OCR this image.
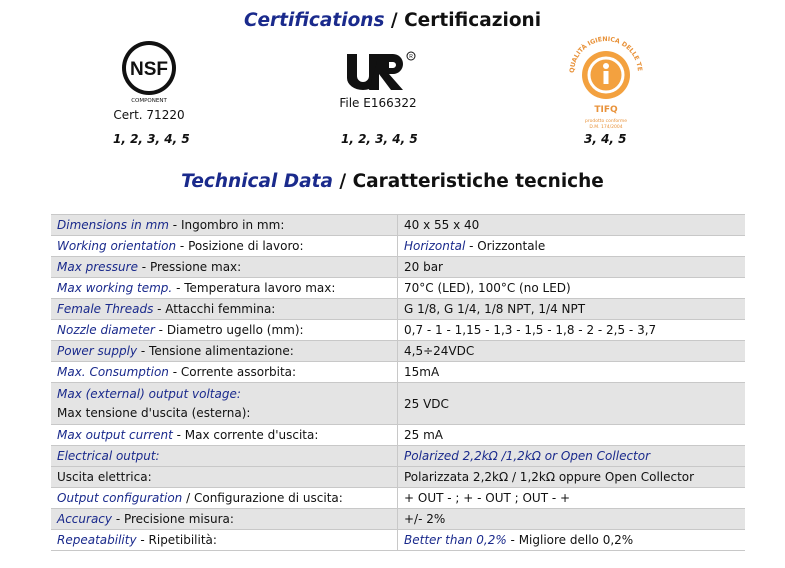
Certifications / Certificazioni
NSF
COMPONENT
Cert. 71220
1, 2, 3, 4, 5
R
File E166322
1, 2, 3, 4, 5
QUALITÀ IGIENICA DELLE TE
TIFQ
prodotto conforme
D.M. 174/2004
3, 4, 5
Technical Data / Caratteristiche tecniche
Dimensions in mm - Ingombro in mm:	40 x 55 x 40
Working orientation - Posizione di lavoro:	Horizontal - Orizzontale
Max pressure - Pressione max:	20 bar
Max working temp. - Temperatura lavoro max:	70°C (LED), 100°C (no LED)
Female Threads - Attacchi femmina:	G 1/8, G 1/4, 1/8 NPT, 1/4 NPT
Nozzle diameter - Diametro ugello (mm):	0,7 - 1 - 1,15 - 1,3 - 1,5 - 1,8 - 2 - 2,5 - 3,7
Power supply - Tensione alimentazione:	4,5÷24VDC
Max. Consumption - Corrente assorbita:	15mA

Max (external) output voltage:
Max tensione d'uscita (esterna):	25 VDC
Max output current - Max corrente d'uscita:	25 mA
Electrical output:	Polarized 2,2kΩ /1,2kΩ or Open Collector
Uscita elettrica:	Polarizzata 2,2kΩ / 1,2kΩ oppure Open Collector
Output configuration / Configurazione di uscita:	+ OUT - ; + - OUT ; OUT - +
Accuracy - Precisione misura:	+/- 2%
Repeatability - Ripetibilità:	Better than 0,2% - Migliore dello 0,2%
